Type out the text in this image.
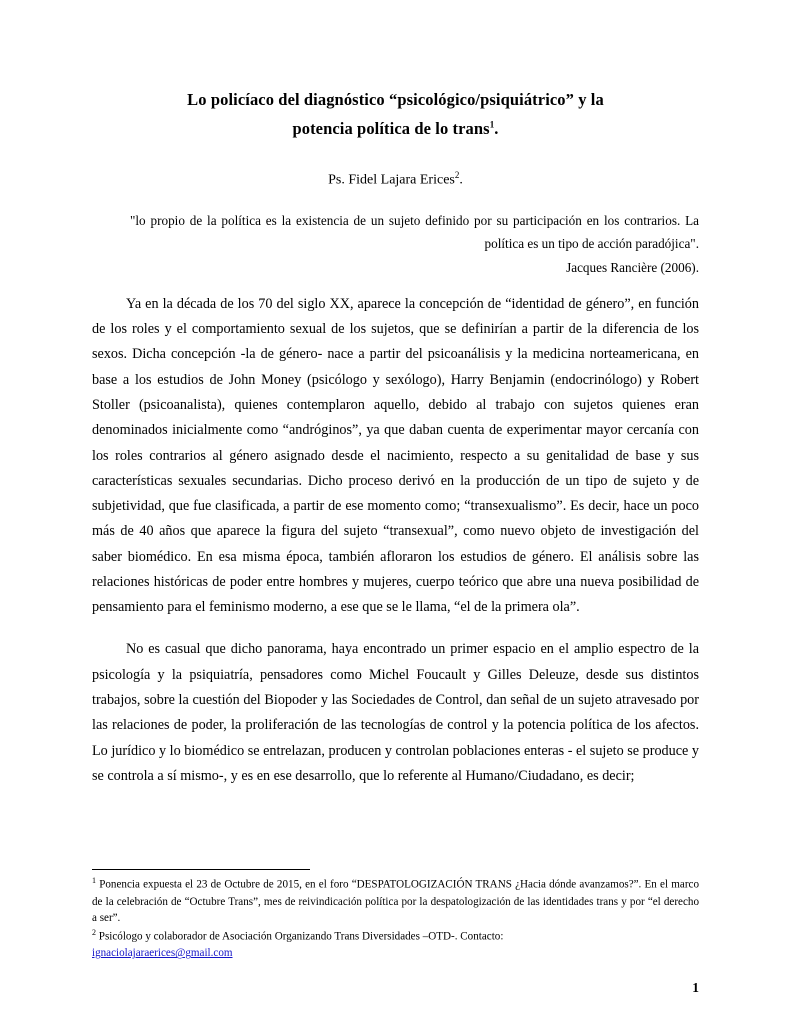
Lo policíaco del diagnóstico “psicológico/psiquiátrico” y la
potencia política de lo trans$^1$.
Ps. Fidel Lajara Erices$^2$.
"lo propio de la política es la existencia de un sujeto definido por su participación en los contrarios. La política es un tipo de acción paradójica".
Jacques Rancière (2006).

Ya en la década de los 70 del siglo XX, aparece la concepción de “identidad de género”, en función de los roles y el comportamiento sexual de los sujetos, que se definirían a partir de la diferencia de los sexos. Dicha concepción -la de género- nace a partir del psicoanálisis y la medicina norteamericana, en base a los estudios de John Money (psicólogo y sexólogo), Harry Benjamin (endocrinólogo) y Robert Stoller (psicoanalista), quienes contemplaron aquello, debido al trabajo con sujetos quienes eran denominados inicialmente como “andróginos”, ya que daban cuenta de experimentar mayor cercanía con los roles contrarios al género asignado desde el nacimiento, respecto a su genitalidad de base y sus características sexuales secundarias. Dicho proceso derivó en la producción de un tipo de sujeto y de subjetividad, que fue clasificada, a partir de ese momento como; “transexualismo”. Es decir, hace un poco más de 40 años que aparece la figura del sujeto “transexual”, como nuevo objeto de investigación del saber biomédico. En esa misma época, también afloraron los estudios de género. El análisis sobre las relaciones históricas de poder entre hombres y mujeres, cuerpo teórico que abre una nueva posibilidad de pensamiento para el feminismo moderno, a ese que se le llama, “el de la primera ola”.

No es casual que dicho panorama, haya encontrado un primer espacio en el amplio espectro de la psicología y la psiquiatría, pensadores como Michel Foucault y Gilles Deleuze, desde sus distintos trabajos, sobre la cuestión del Biopoder y las Sociedades de Control, dan señal de un sujeto atravesado por las relaciones de poder, la proliferación de las tecnologías de control y la potencia política de los afectos. Lo jurídico y lo biomédico se entrelazan, producen y controlan poblaciones enteras - el sujeto se produce y se controla a sí mismo-, y es en ese desarrollo, que lo referente al Humano/Ciudadano, es decir;

$^1$ Ponencia expuesta el 23 de Octubre de 2015, en el foro “DESPATOLOGIZACIÓN TRANS ¿Hacia dónde avanzamos?”. En el marco de la celebración de “Octubre Trans”, mes de reivindicación política por la despatologización de las identidades trans y por “el derecho a ser”.

$^2$ Psicólogo y colaborador de Asociación Organizando Trans Diversidades –OTD-. Contacto:
ignaciolajaraerices@gmail.com

1
